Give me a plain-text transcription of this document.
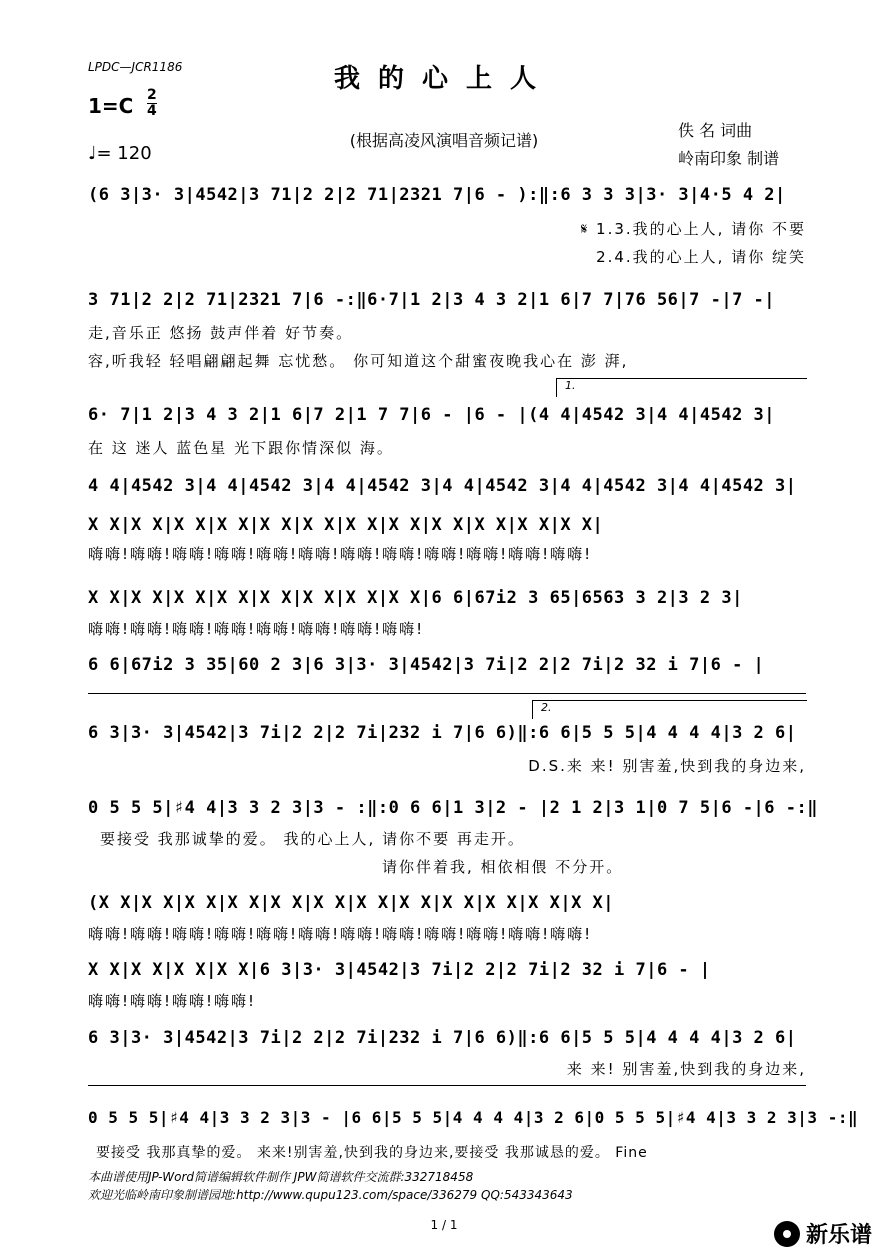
LPDC—JCR1186	我的心上人
1=C 2
4
(根据高凌风演唱音频记谱)
佚 名 词曲
岭南印象 制谱
♩= 120
(6 3|3· 3|4542|3 71|2 2|2 71|2321 7|6 - ):‖:6 3 3 3|3· 3|4·5 4 2|
𝄋 1.3.我的心上人, 请你 不要
2.4.我的心上人, 请你 绽笑
3 71|2 2|2 71|2321 7|6 -:‖6·7|1 2|3 4 3 2|1 6|7 7|76 56|7 -|7 -|
走,音乐正 悠扬 鼓声伴着 好节奏。
容,听我轻 轻唱翩翩起舞 忘忧愁。 你可知道这个甜蜜夜晚我心在 澎 湃,
1.
6· 7|1 2|3 4 3 2|1 6|7 2|1 7 7|6 - |6 - |(4 4|4542 3|4 4|4542 3|
在 这 迷人 蓝色星 光下跟你情深似 海。
4 4|4542 3|4 4|4542 3|4 4|4542 3|4 4|4542 3|4 4|4542 3|4 4|4542 3|
X X|X X|X X|X X|X X|X X|X X|X X|X X|X X|X X|X X|
嗨嗨!嗨嗨!嗨嗨!嗨嗨!嗨嗨!嗨嗨!嗨嗨!嗨嗨!嗨嗨!嗨嗨!嗨嗨!嗨嗨!
X X|X X|X X|X X|X X|X X|X X|X X|6 6|67i2 3 65|6563 3 2|3 2 3|
嗨嗨!嗨嗨!嗨嗨!嗨嗨!嗨嗨!嗨嗨!嗨嗨!嗨嗨!
6 6|67i2 3 35|60 2 3|6 3|3· 3|4542|3 7i|2 2|2 7i|2 32 i 7|6 - |
2.
6 3|3· 3|4542|3 7i|2 2|2 7i|232 i 7|6 6)‖:6 6|5 5 5|4 4 4 4|3 2 6|
D.S.来 来! 别害羞,快到我的身边来,
0 5 5 5|♯4 4|3 3 2 3|3 - :‖:0 6 6|1 3|2 - |2 1 2|3 1|0 7 5|6 -|6 -:‖
要接受 我那诚挚的爱。 我的心上人, 请你不要 再走开。
请你伴着我, 相依相偎 不分开。
(X X|X X|X X|X X|X X|X X|X X|X X|X X|X X|X X|X X|
嗨嗨!嗨嗨!嗨嗨!嗨嗨!嗨嗨!嗨嗨!嗨嗨!嗨嗨!嗨嗨!嗨嗨!嗨嗨!嗨嗨!
X X|X X|X X|X X|6 3|3· 3|4542|3 7i|2 2|2 7i|2 32 i 7|6 - |
嗨嗨!嗨嗨!嗨嗨!嗨嗨!
6 3|3· 3|4542|3 7i|2 2|2 7i|232 i 7|6 6)‖:6 6|5 5 5|4 4 4 4|3 2 6|
来 来! 别害羞,快到我的身边来,
0 5 5 5|♯4 4|3 3 2 3|3 - |6 6|5 5 5|4 4 4 4|3 2 6|0 5 5 5|♯4 4|3 3 2 3|3 -:‖
要接受 我那真挚的爱。 来来!别害羞,快到我的身边来,要接受 我那诚恳的爱。 Fine
本曲谱使用JP-Word简谱编辑软件制作 JPW简谱软件交流群:332718458
欢迎光临岭南印象制谱园地:http://www.qupu123.com/space/336279 QQ:543343643
1 / 1	新乐谱
